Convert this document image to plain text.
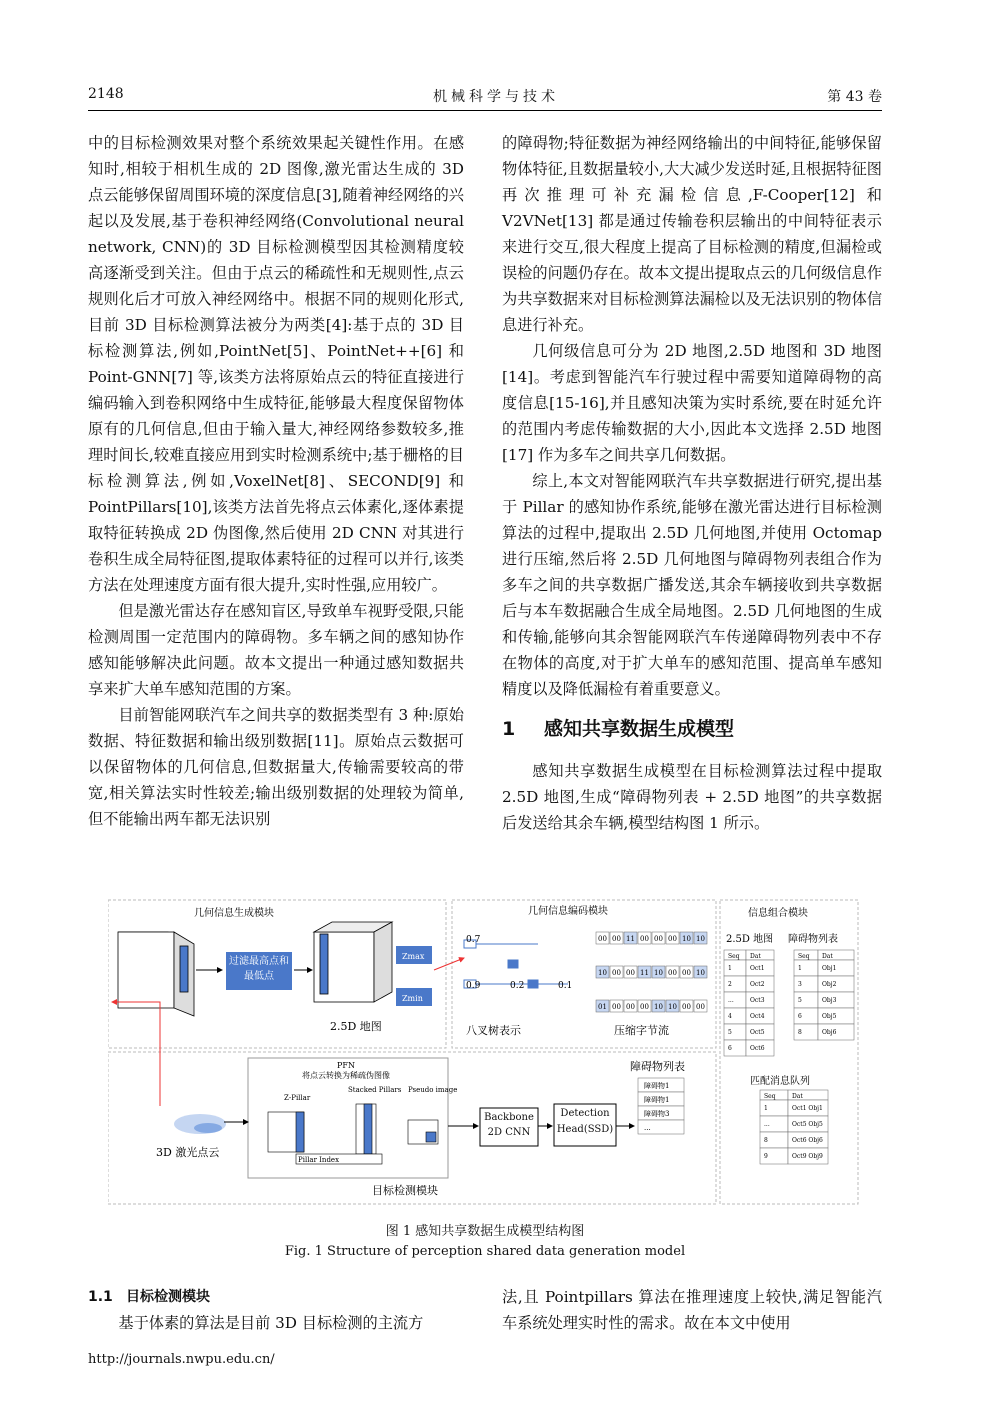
2148	机械科学与技术	第 43 卷

中的目标检测效果对整个系统效果起关键性作用。在感知时,相较于相机生成的 2D 图像,激光雷达生成的 3D 点云能够保留周围环境的深度信息[3],随着神经网络的兴起以及发展,基于卷积神经网络(Convolutional neural network, CNN)的 3D 目标检测模型因其检测精度较高逐渐受到关注。但由于点云的稀疏性和无规则性,点云规则化后才可放入神经网络中。根据不同的规则化形式,目前 3D 目标检测算法被分为两类[4]:基于点的 3D 目标检测算法,例如,PointNet[5]、PointNet++[6] 和 Point-GNN[7] 等,该类方法将原始点云的特征直接进行编码输入到卷积网络中生成特征,能够最大程度保留物体原有的几何信息,但由于输入量大,神经网络参数较多,推理时间长,较难直接应用到实时检测系统中;基于栅格的目标检测算法,例如,VoxelNet[8]、SECOND[9] 和 PointPillars[10],该类方法首先将点云体素化,逐体素提取特征转换成 2D 伪图像,然后使用 2D CNN 对其进行卷积生成全局特征图,提取体素特征的过程可以并行,该类方法在处理速度方面有很大提升,实时性强,应用较广。

但是激光雷达存在感知盲区,导致单车视野受限,只能检测周围一定范围内的障碍物。多车辆之间的感知协作感知能够解决此问题。故本文提出一种通过感知数据共享来扩大单车感知范围的方案。

目前智能网联汽车之间共享的数据类型有 3 种:原始数据、特征数据和输出级别数据[11]。原始点云数据可以保留物体的几何信息,但数据量大,传输需要较高的带宽,相关算法实时性较差;输出级别数据的处理较为简单,但不能输出两车都无法识别

的障碍物;特征数据为神经网络输出的中间特征,能够保留物体特征,且数据量较小,大大减少发送时延,且根据特征图再次推理可补充漏检信息,F-Cooper[12] 和 V2VNet[13] 都是通过传输卷积层输出的中间特征表示来进行交互,很大程度上提高了目标检测的精度,但漏检或误检的问题仍存在。故本文提出提取点云的几何级信息作为共享数据来对目标检测算法漏检以及无法识别的物体信息进行补充。

几何级信息可分为 2D 地图,2.5D 地图和 3D 地图[14]。考虑到智能汽车行驶过程中需要知道障碍物的高度信息[15-16],并且感知决策为实时系统,要在时延允许的范围内考虑传输数据的大小,因此本文选择 2.5D 地图[17] 作为多车之间共享几何数据。

综上,本文对智能网联汽车共享数据进行研究,提出基于 Pillar 的感知协作系统,能够在激光雷达进行目标检测算法的过程中,提取出 2.5D 几何地图,并使用 Octomap 进行压缩,然后将 2.5D 几何地图与障碍物列表组合作为多车之间的共享数据广播发送,其余车辆接收到共享数据后与本车数据融合生成全局地图。2.5D 几何地图的生成和传输,能够向其余智能网联汽车传递障碍物列表中不存在物体的高度,对于扩大单车的感知范围、提高单车感知精度以及降低漏检有着重要意义。

1 感知共享数据生成模型

感知共享数据生成模型在目标检测算法过程中提取 2.5D 地图,生成“障碍物列表 + 2.5D 地图”的共享数据后发送给其余车辆,模型结构图 1 所示。

几何信息生成模块	几何信息编码模块	信息组合模块
过滤最高点和最低点
Zmax
Zmin
2.5D 地图
0.7
0.9	0.2	0.1
八叉树表示
00 00 11 00 00 00 10 10
10 00 00 11 10 00 00 10
01 00 00 00 10 10 00 00
压缩字节流
2.5D 地图 障碍物列表
Seq Dat
1	Oct1
2	Oct2
...	Oct3
4	Oct4
5	Oct5
6	Oct6
Seq Dat
1	Obj1
3	Obj2
5	Obj3
6	Obj5
8	Obj6
匹配消息队列
Seq	Dat
1	Oct1 Obj1
...	Oct5 Obj5
8	Oct6 Obj6
9	Oct9 Obj9
PFN
将点云转换为稀疏伪图像
Z-Pillar
Stacked Pillars Pseudo image
Pillar Index
Backbone 2D CNN
Detection Head(SSD)
障碍物列表
障碍物1
障碍物1
障碍物3
...
3D 激光点云
目标检测模块
图 1 感知共享数据生成模型结构图
Fig. 1 Structure of perception shared data generation model
1.1 目标检测模块

基于体素的算法是目前 3D 目标检测的主流方

法,且 Pointpillars 算法在推理速度上较快,满足智能汽车系统处理实时性的需求。故在本文中使用

http://journals.nwpu.edu.cn/
